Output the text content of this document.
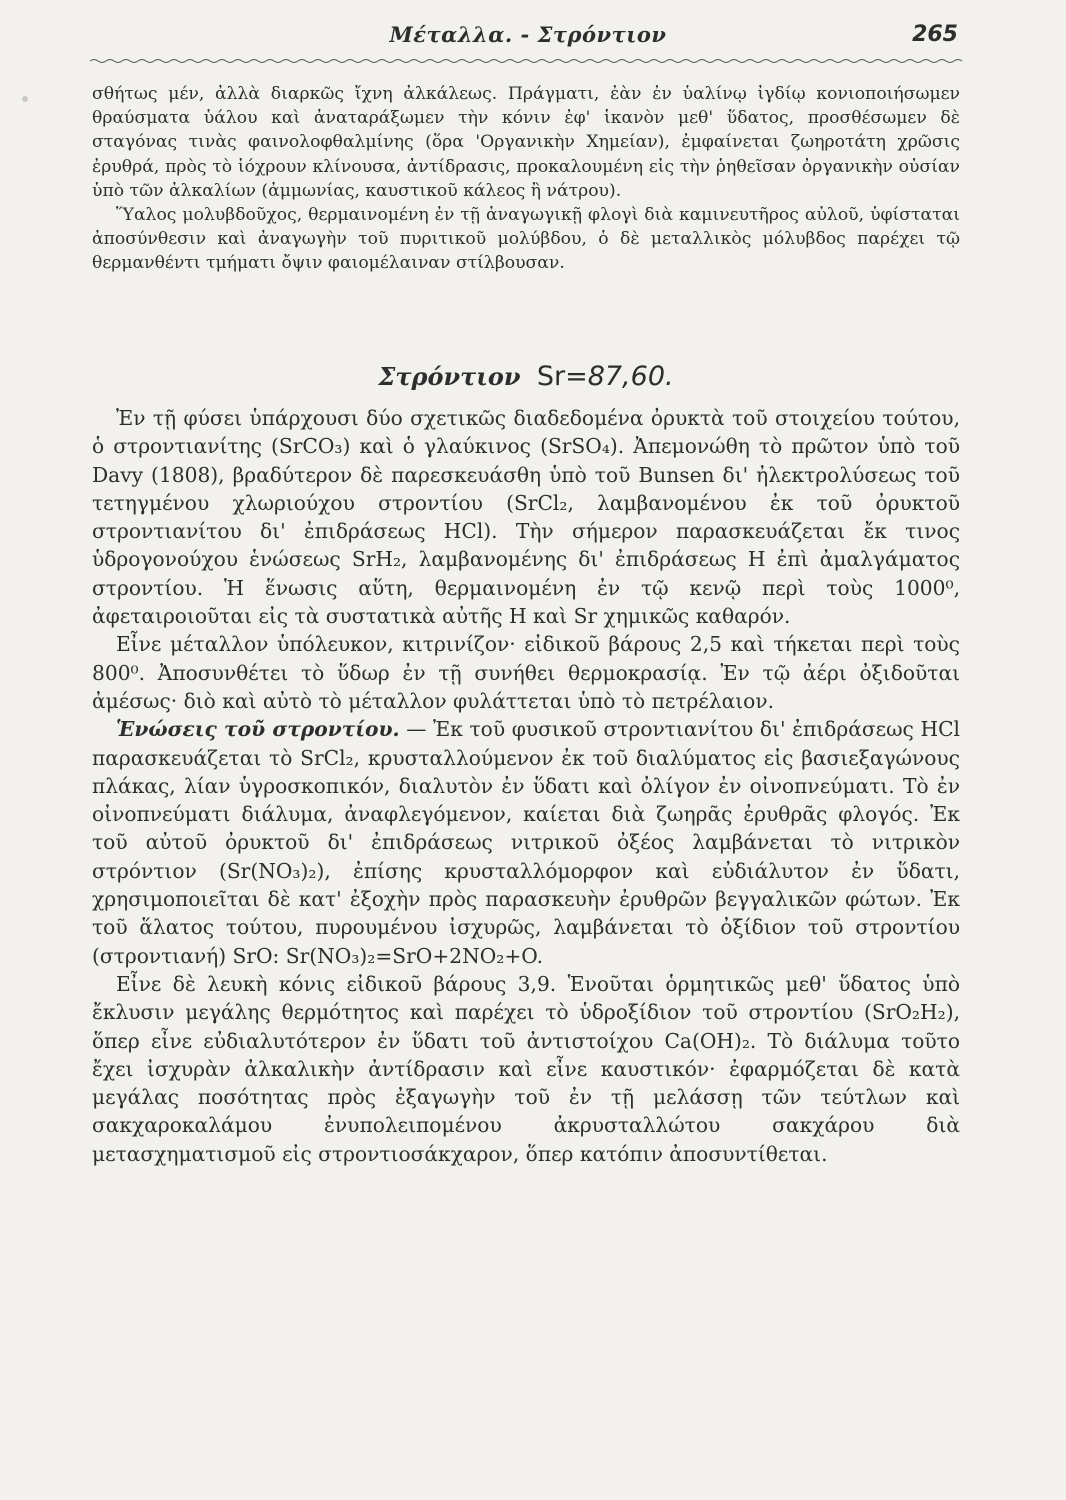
Μέταλλα. - Στρόντιον	265

σθήτως μέν, ἀλλὰ διαρκῶς ἴχνη ἀλκάλεως. Πράγματι, ἐὰν ἐν ὑαλίνῳ ἰγδίῳ κονιοποιήσωμεν θραύσματα ὑάλου καὶ ἀναταράξωμεν τὴν κόνιν ἐφ' ἱκανὸν μεθ' ὕδατος, προσθέσωμεν δὲ σταγόνας τινὰς φαινολοφθαλμίνης (ὅρα 'Οργανικὴν Χημείαν), ἐμφαίνεται ζωηροτάτη χρῶσις ἐρυθρά, πρὸς τὸ ἰόχρουν κλίνουσα, ἀντίδρασις, προκαλουμένη εἰς τὴν ῥηθεῖσαν ὀργανικὴν οὐσίαν ὑπὸ τῶν ἀλκαλίων (ἀμμωνίας, καυστικοῦ κάλεος ἢ νάτρου).

Ὕαλος μολυβδοῦχος, θερμαινομένη ἐν τῇ ἀναγωγικῇ φλογὶ διὰ καμινευτῆρος αὐλοῦ, ὑφίσταται ἀποσύνθεσιν καὶ ἀναγωγὴν τοῦ πυριτικοῦ μολύβδου, ὁ δὲ μεταλλικὸς μόλυβδος παρέχει τῷ θερμανθέντι τμήματι ὄψιν φαιομέλαιναν στίλβουσαν.

Στρόντιον Sr=87,60.

Ἐν τῇ φύσει ὑπάρχουσι δύο σχετικῶς διαδεδομένα ὀρυκτὰ τοῦ στοιχείου τούτου, ὁ στροντιανίτης (SrCO₃) καὶ ὁ γλαύκινος (SrSO₄). Ἀπεμονώθη τὸ πρῶτον ὑπὸ τοῦ Davy (1808), βραδύτερον δὲ παρεσκευάσθη ὑπὸ τοῦ Bunsen δι' ἠλεκτρολύσεως τοῦ τετηγμένου χλωριούχου στροντίου (SrCl₂, λαμβανομένου ἐκ τοῦ ὀρυκτοῦ στροντιανίτου δι' ἐπιδράσεως HCl). Τὴν σήμερον παρασκευάζεται ἔκ τινος ὑδρογονούχου ἑνώσεως SrH₂, λαμβανομένης δι' ἐπιδράσεως H ἐπὶ ἀμαλγάματος στροντίου. Ἡ ἕνωσις αὕτη, θερμαινομένη ἐν τῷ κενῷ περὶ τοὺς 1000⁰, ἀφεταιροιοῦται εἰς τὰ συστατικὰ αὐτῆς H καὶ Sr χημικῶς καθαρόν.

Εἶνε μέταλλον ὑπόλευκον, κιτρινίζον· εἰδικοῦ βάρους 2,5 καὶ τήκεται περὶ τοὺς 800⁰. Ἀποσυνθέτει τὸ ὕδωρ ἐν τῇ συνήθει θερμοκρασίᾳ. Ἐν τῷ ἀέρι ὀξιδοῦται ἀμέσως· διὸ καὶ αὐτὸ τὸ μέταλλον φυλάττεται ὑπὸ τὸ πετρέλαιον.

Ἑνώσεις τοῦ στροντίου. — Ἐκ τοῦ φυσικοῦ στροντιανίτου δι' ἐπιδράσεως HCl παρασκευάζεται τὸ SrCl₂, κρυσταλλούμενον ἐκ τοῦ διαλύματος εἰς βασιεξαγώνους πλάκας, λίαν ὑγροσκοπικόν, διαλυτὸν ἐν ὕδατι καὶ ὀλίγον ἐν οἰνοπνεύματι. Τὸ ἐν οἰνοπνεύματι διάλυμα, ἀναφλεγόμενον, καίεται διὰ ζωηρᾶς ἐρυθρᾶς φλογός. Ἐκ τοῦ αὐτοῦ ὀρυκτοῦ δι' ἐπιδράσεως νιτρικοῦ ὀξέος λαμβάνεται τὸ νιτρικὸν στρόντιον (Sr(NO₃)₂), ἐπίσης κρυσταλλόμορφον καὶ εὐδιάλυτον ἐν ὕδατι, χρησιμοποιεῖται δὲ κατ' ἐξοχὴν πρὸς παρασκευὴν ἐρυθρῶν βεγγαλικῶν φώτων. Ἐκ τοῦ ἅλατος τούτου, πυρουμένου ἰσχυρῶς, λαμβάνεται τὸ ὀξίδιον τοῦ στροντίου (στροντιανή) SrO: Sr(NO₃)₂=SrO+2NO₂+O.

Εἶνε δὲ λευκὴ κόνις εἰδικοῦ βάρους 3,9. Ἑνοῦται ὁρμητικῶς μεθ' ὕδατος ὑπὸ ἔκλυσιν μεγάλης θερμότητος καὶ παρέχει τὸ ὑδροξίδιον τοῦ στροντίου (SrO₂H₂), ὅπερ εἶνε εὐδιαλυτότερον ἐν ὕδατι τοῦ ἀντιστοίχου Ca(OH)₂. Τὸ διάλυμα τοῦτο ἔχει ἰσχυρὰν ἀλκαλικὴν ἀντίδρασιν καὶ εἶνε καυστικόν· ἐφαρμόζεται δὲ κατὰ μεγάλας ποσότητας πρὸς ἐξαγωγὴν τοῦ ἐν τῇ μελάσσῃ τῶν τεύτλων καὶ σακχαροκαλάμου ἐνυπολειπομένου ἀκρυσταλλώτου σακχάρου διὰ μετασχηματισμοῦ εἰς στροντιοσάκχαρον, ὅπερ κατόπιν ἀποσυντίθεται.
